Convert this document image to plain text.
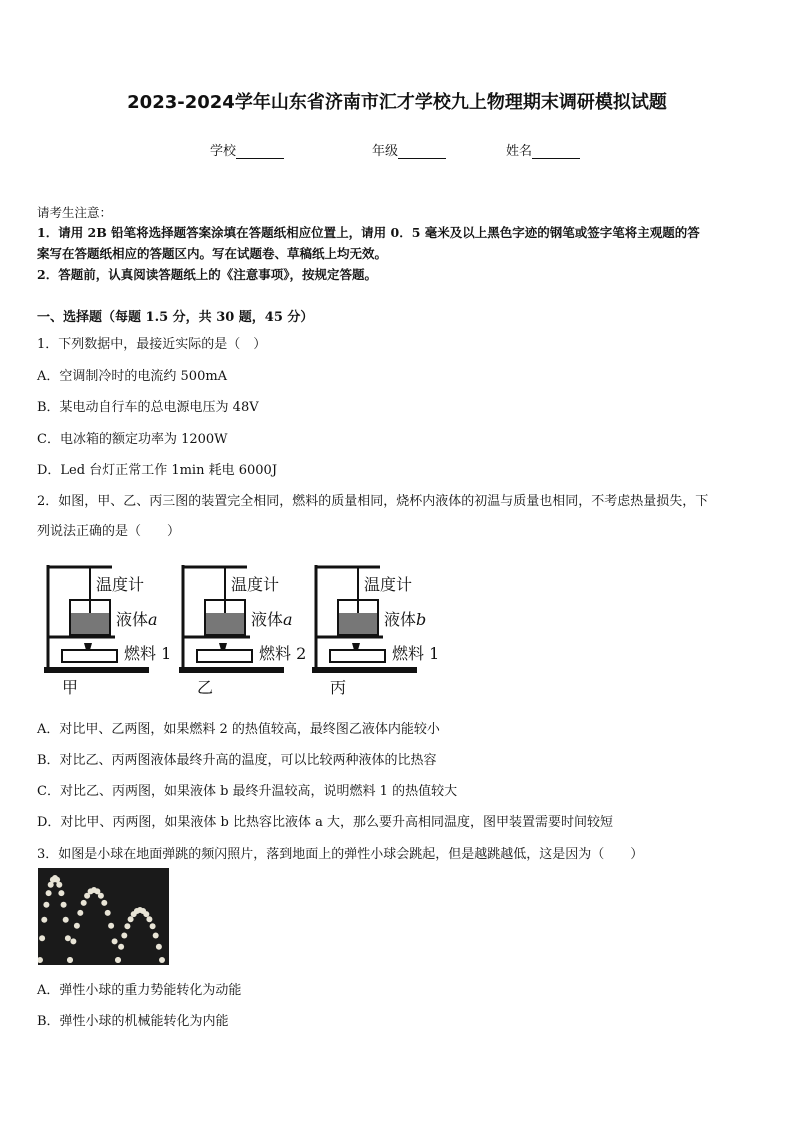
2023-2024学年山东省济南市汇才学校九上物理期末调研模拟试题
学校	年级	姓名
请考生注意：
1．请用 2B 铅笔将选择题答案涂填在答题纸相应位置上，请用 0．5 毫米及以上黑色字迹的钢笔或签字笔将主观题的答
案写在答题纸相应的答题区内。写在试题卷、草稿纸上均无效。
2．答题前，认真阅读答题纸上的《注意事项》，按规定答题。
一、选择题（每题 1.5 分，共 30 题，45 分）
1．下列数据中，最接近实际的是（　）
A．空调制冷时的电流约 500mA
B．某电动自行车的总电源电压为 48V
C．电冰箱的额定功率为 1200W
D．Led 台灯正常工作 1min 耗电 6000J
2．如图，甲、乙、丙三图的装置完全相同，燃料的质量相同，烧杯内液体的初温与质量也相同，不考虑热量损失，下
列说法正确的是（　　）
温度计
液体a
燃料 1
甲
温度计
液体a
燃料 2
乙
温度计
液体b
燃料 1
丙
A．对比甲、乙两图，如果燃料 2 的热值较高，最终图乙液体内能较小
B．对比乙、丙两图液体最终升高的温度，可以比较两种液体的比热容
C．对比乙、丙两图，如果液体 b 最终升温较高，说明燃料 1 的热值较大
D．对比甲、丙两图，如果液体 b 比热容比液体 a 大，那么要升高相同温度，图甲装置需要时间较短
3．如图是小球在地面弹跳的频闪照片，落到地面上的弹性小球会跳起，但是越跳越低，这是因为（　　）
A．弹性小球的重力势能转化为动能
B．弹性小球的机械能转化为内能
